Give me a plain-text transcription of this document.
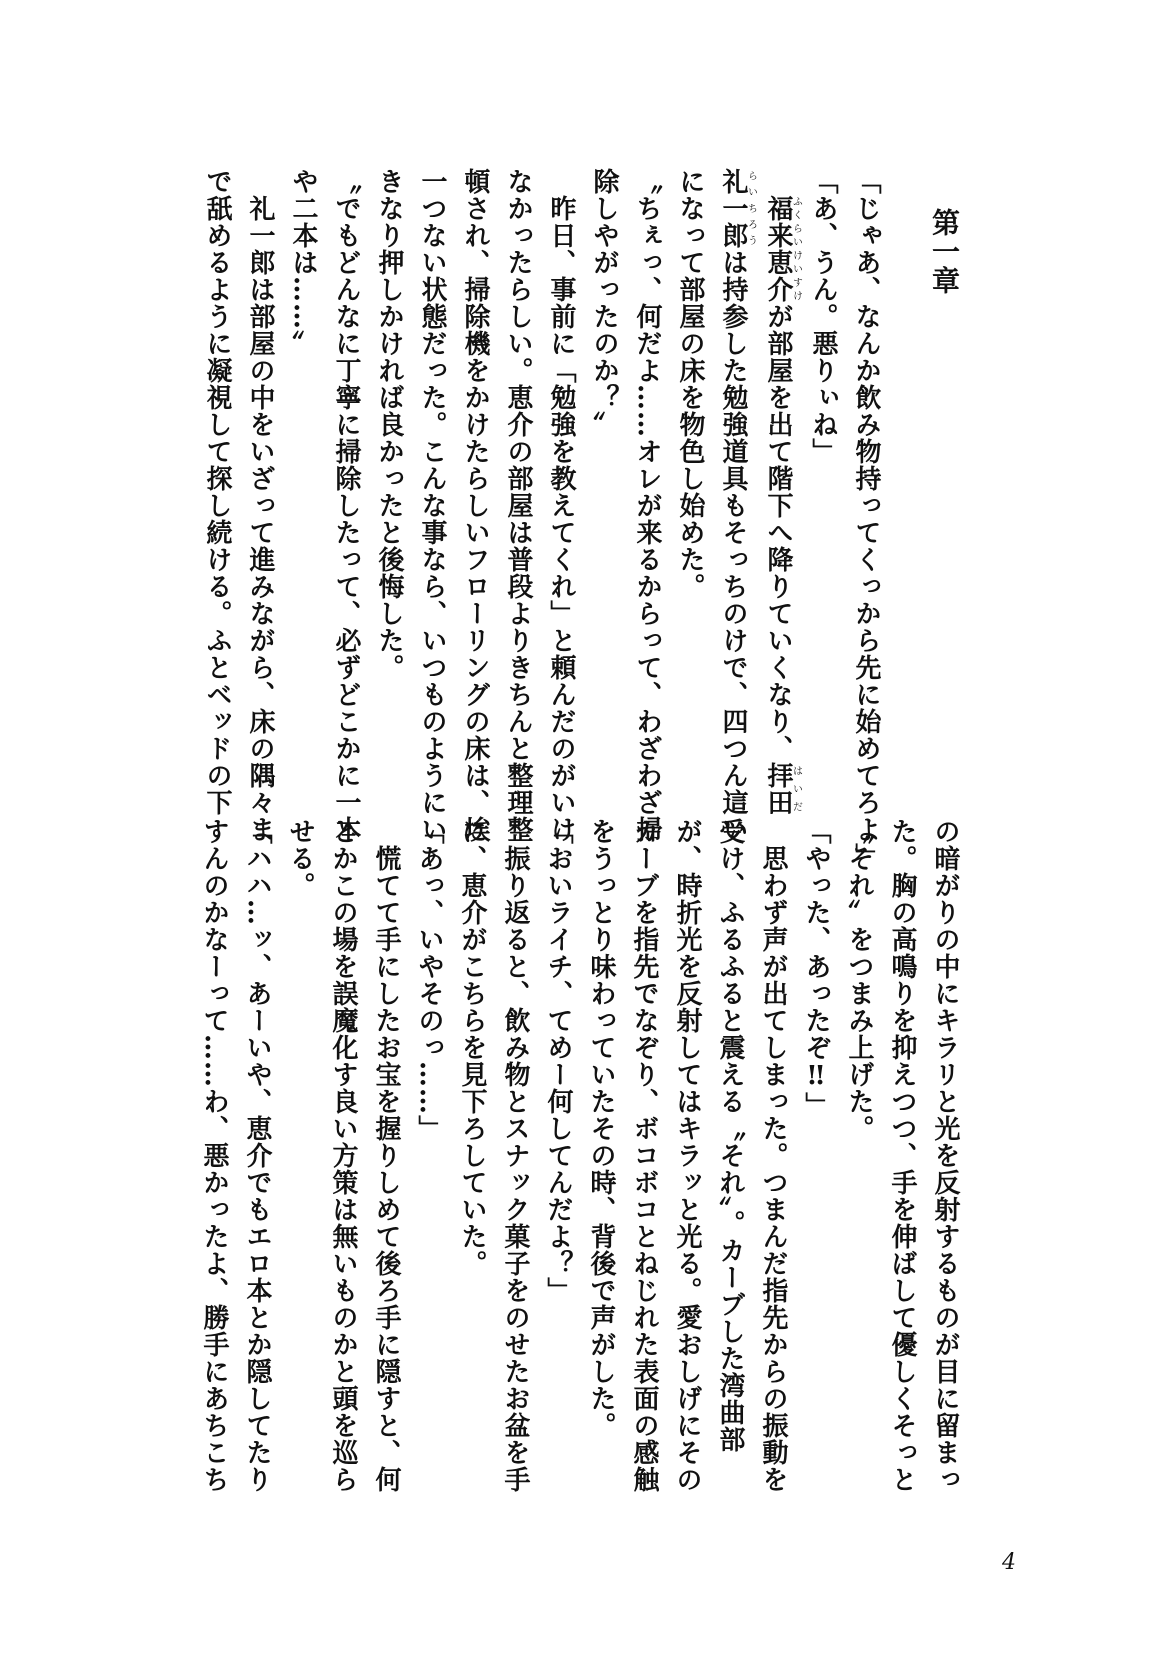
第一章
「じゃあ、なんか飲み物持ってくっから先に始めてろよ」
「あ、うん。悪りぃね」
　福来恵介ふくらいけいすけが部屋を出て階下へ降りていくなり、拝田はいだ
礼一郎らいちろうは持参した勉強道具もそっちのけで、四つん這い
になって部屋の床を物色し始めた。
〝ちぇっ、何だよ……オレが来るからって、わざわざ掃
除しやがったのか？〟
　昨日、事前に「勉強を教えてくれ」と頼んだのがいけ
なかったらしい。恵介の部屋は普段よりきちんと整理整
頓され、掃除機をかけたらしいフローリングの床は、埃
一つない状態だった。こんな事なら、いつものようにい
きなり押しかければ良かったと後悔した。
〝でもどんなに丁寧に掃除したって、必ずどこかに一本
や二本は……〟
　礼一郎は部屋の中をいざって進みながら、床の隅々ま
で舐めるように凝視して探し続ける。ふとベッドの下
の暗がりの中にキラリと光を反射するものが目に留まっ
た。胸の高鳴りを抑えつつ、手を伸ばして優しくそっと
〝それ〟をつまみ上げた。
「やった、あったぞ‼」
　思わず声が出てしまった。つまんだ指先からの振動を
受け、ふるふると震える〝それ〟。カーブした湾曲部
が、時折光を反射してはキラッと光る。愛おしげにその
カーブを指先でなぞり、ボコボコとねじれた表面の感触
をうっとり味わっていたその時、背後で声がした。
「おいライチ、てめー何してんだよ？」
　振り返ると、飲み物とスナック菓子をのせたお盆を手
に、恵介がこちらを見下ろしていた。
「あっ、いやそのっ……」
　慌てて手にしたお宝を握りしめて後ろ手に隠すと、何
とかこの場を誤魔化す良い方策は無いものかと頭を巡ら
せる。
「ハハ…ッ、あーいや、恵介でもエロ本とか隠してたり
すんのかなーって……わ、悪かったよ、勝手にあちこち
4
